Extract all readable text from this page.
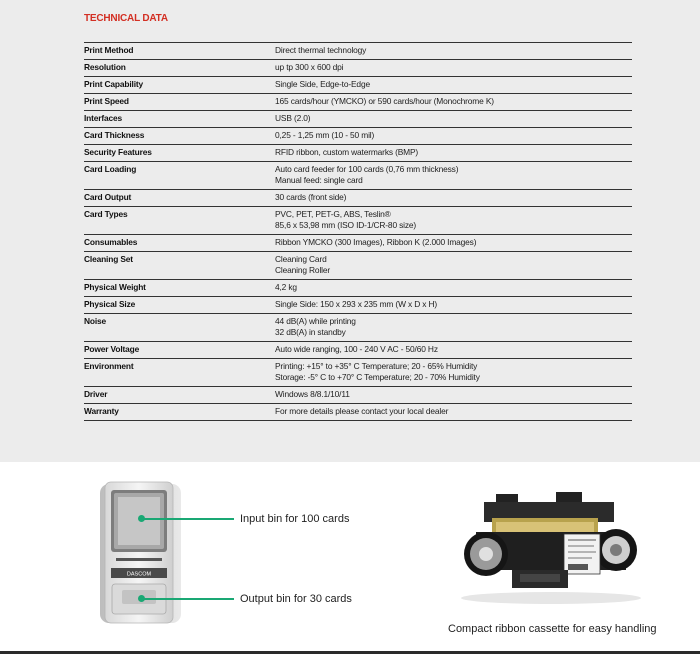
TECHNICAL DATA
Print Method	Direct thermal technology

Resolution	up tp 300 x 600 dpi

Print Capability	Single Side, Edge-to-Edge

Print Speed	165 cards/hour (YMCKO) or 590 cards/hour (Monochrome K)

Interfaces	USB (2.0)

Card Thickness	0,25 - 1,25 mm (10 - 50 mil)

Security Features	RFID ribbon, custom watermarks (BMP)

Card Loading	Auto card feeder for 100 cards (0,76 mm thickness)
Manual feed: single card

Card Output	30 cards (front side)

Card Types	PVC, PET, PET-G, ABS, Teslin®
85,6 x 53,98 mm (ISO ID-1/CR-80 size)

Consumables	Ribbon YMCKO (300 Images), Ribbon K (2.000 Images)

Cleaning Set	Cleaning Card
Cleaning Roller

Physical Weight	4,2 kg

Physical Size	Single Side: 150 x 293 x 235 mm (W x D x H)

Noise	44 dB(A) while printing
32 dB(A) in standby

Power Voltage	Auto wide ranging, 100 - 240 V AC - 50/60 Hz

Environment	Printing: +15° to +35° C Temperature; 20 - 65% Humidity
Storage: -5° C to +70° C Temperature; 20 - 70% Humidity

Driver	Windows 8/8.1/10/11

Warranty	For more details please contact your local dealer
DASCOM
Input bin for 100 cards
Output bin for 30 cards
Compact ribbon cassette for easy handling
